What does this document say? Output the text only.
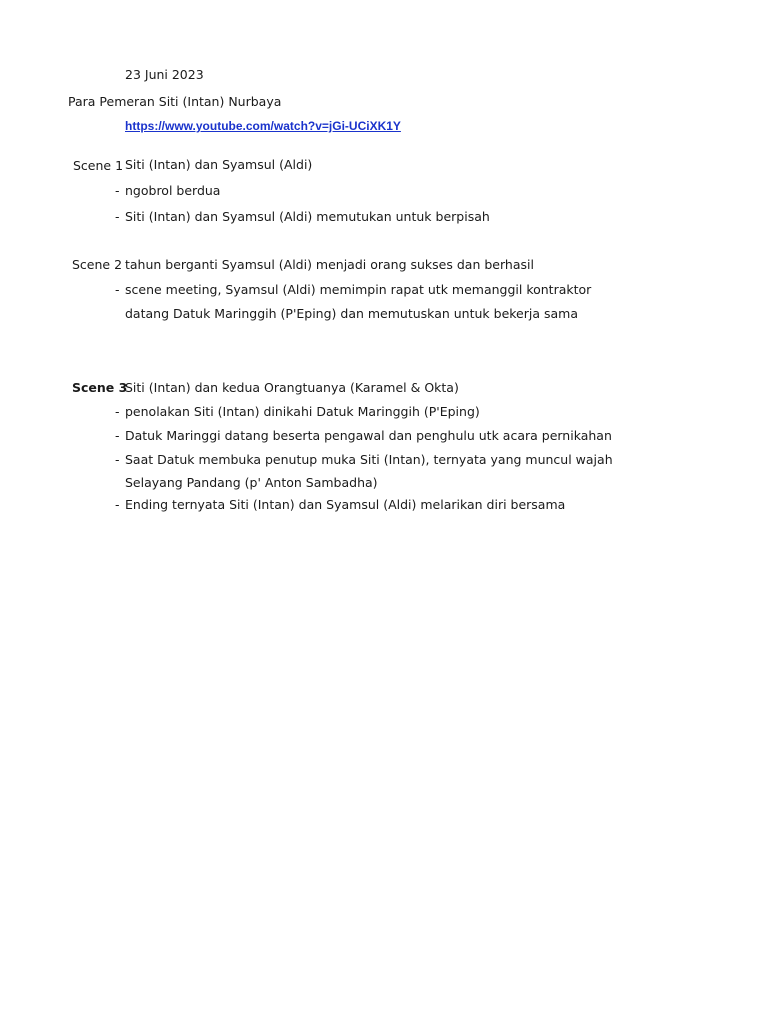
23 Juni 2023
Para Pemeran Siti (Intan) Nurbaya
https://www.youtube.com/watch?v=jGi-UCiXK1Y
Scene 1 Siti (Intan) dan Syamsul (Aldi)
- ngobrol berdua
- Siti (Intan) dan Syamsul (Aldi) memutukan untuk berpisah
Scene 2 tahun berganti Syamsul (Aldi) menjadi orang sukses dan berhasil
- scene meeting, Syamsul (Aldi) memimpin rapat utk memanggil kontraktor
datang Datuk Maringgih (P'Eping) dan memutuskan untuk bekerja sama
Scene 3
Siti (Intan) dan kedua Orangtuanya (Karamel & Okta)
- penolakan Siti (Intan) dinikahi Datuk Maringgih (P'Eping)
- Datuk Maringgi datang beserta pengawal dan penghulu utk acara pernikahan
- Saat Datuk membuka penutup muka Siti (Intan), ternyata yang muncul wajah
Selayang Pandang (p' Anton Sambadha)
- Ending ternyata Siti (Intan) dan Syamsul (Aldi) melarikan diri bersama
